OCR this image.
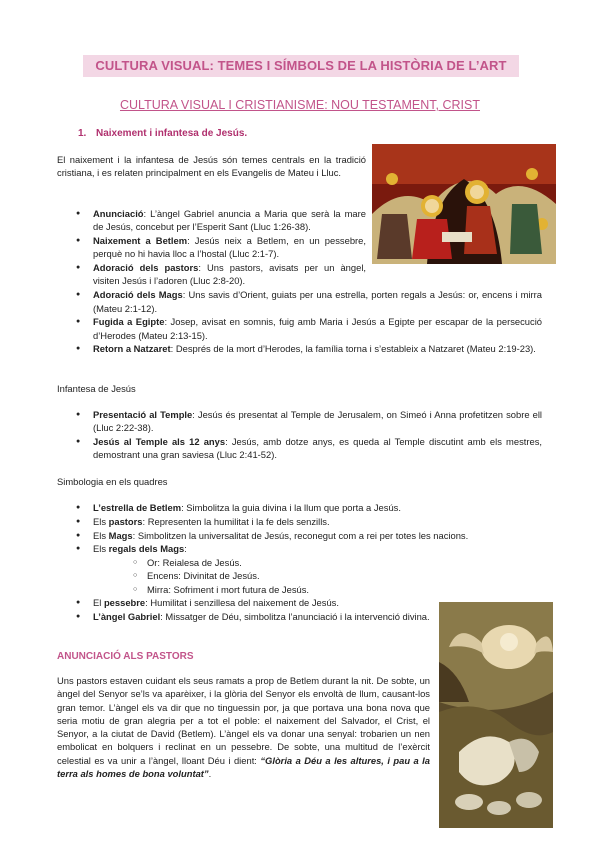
CULTURA VISUAL: TEMES I SÍMBOLS DE LA HISTÒRIA DE L’ART
CULTURA VISUAL I CRISTIANISME: NOU TESTAMENT, CRIST
1. Naixement i infantesa de Jesús.

El naixement i la infantesa de Jesús són temes centrals en la tradició cristiana, i es relaten principalment en els Evangelis de Mateu i Lluc.

● Anunciació: L’àngel Gabriel anuncia a Maria que serà la mare de Jesús, concebut per l’Esperit Sant (Lluc 1:26-38).
● Naixement a Betlem: Jesús neix a Betlem, en un pessebre, perquè no hi havia lloc a l’hostal (Lluc 2:1-7).
● Adoració dels pastors: Uns pastors, avisats per un àngel, visiten Jesús i l’adoren (Lluc 2:8-20).
● Adoració dels Mags: Uns savis d’Orient, guiats per una estrella, porten regals a Jesús: or, encens i mirra (Mateu 2:1-12).
● Fugida a Egipte: Josep, avisat en somnis, fuig amb Maria i Jesús a Egipte per escapar de la persecució d’Herodes (Mateu 2:13-15).
● Retorn a Natzaret: Després de la mort d’Herodes, la família torna i s’estableix a Natzaret (Mateu 2:19-23).
Infantesa de Jesús
● Presentació al Temple: Jesús és presentat al Temple de Jerusalem, on Simeó i Anna profetitzen sobre ell (Lluc 2:22-38).
● Jesús al Temple als 12 anys: Jesús, amb dotze anys, es queda al Temple discutint amb els mestres, demostrant una gran saviesa (Lluc 2:41-52).
Simbologia en els quadres
● L’estrella de Betlem: Simbolitza la guia divina i la llum que porta a Jesús.
● Els pastors: Representen la humilitat i la fe dels senzills.
● Els Mags: Simbolitzen la universalitat de Jesús, reconegut com a rei per totes les nacions.
● Els regals dels Mags:
○ Or: Reialesa de Jesús.
○ Encens: Divinitat de Jesús.
○ Mirra: Sofriment i mort futura de Jesús.
● El pessebre: Humilitat i senzillesa del naixement de Jesús.
● L’àngel Gabriel: Missatger de Déu, simbolitza l’anunciació i la intervenció divina.
ANUNCIACIÓ ALS PASTORS

Uns pastors estaven cuidant els seus ramats a prop de Betlem durant la nit. De sobte, un àngel del Senyor se’ls va aparèixer, i la glòria del Senyor els envoltà de llum, causant-los gran temor. L’àngel els va dir que no tinguessin por, ja que portava una bona nova que seria motiu de gran alegria per a tot el poble: el naixement del Salvador, el Crist, el Senyor, a la ciutat de David (Betlem). L’àngel els va donar una senyal: trobarien un nen embolicat en bolquers i reclinat en un pessebre. De sobte, una multitud de l’exèrcit celestial es va unir a l’àngel, lloant Déu i dient: “Glòria a Déu a les altures, i pau a la terra als homes de bona voluntat”.
